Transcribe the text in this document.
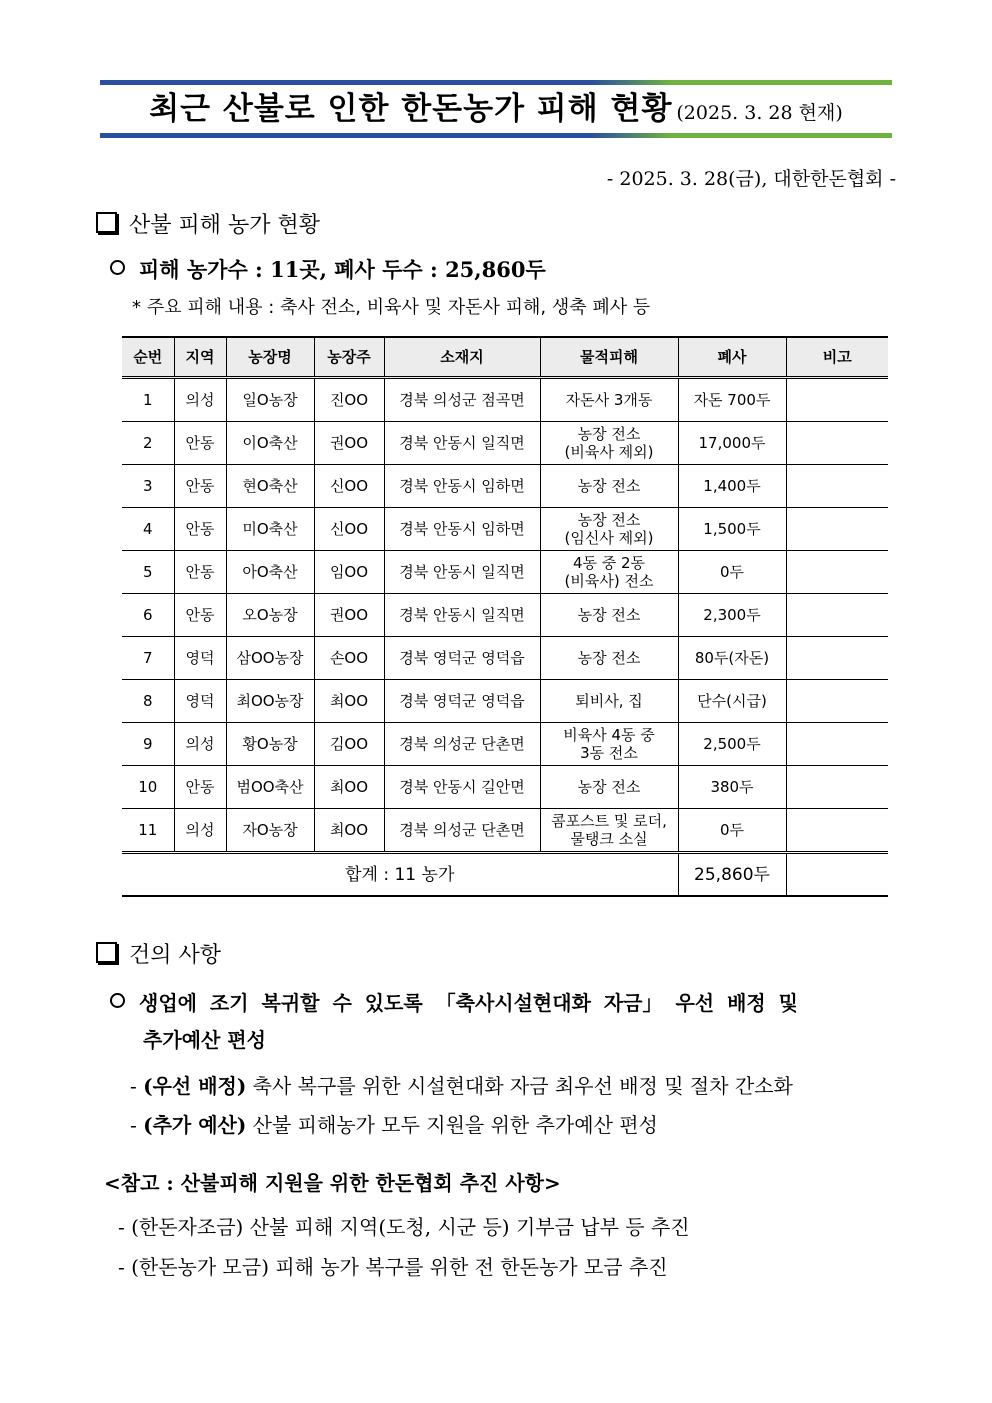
최근 산불로 인한 한돈농가 피해 현황 (2025. 3. 28 현재)
- 2025. 3. 28(금), 대한한돈협회 -
산불 피해 농가 현황
피해 농가수 : 11곳, 폐사 두수 : 25,860두
* 주요 피해 내용 : 축사 전소, 비육사 및 자돈사 피해, 생축 폐사 등
순번	지역	농장명	농장주	소재지	물적피해	폐사	비고
1	의성	일O농장	진OO	경북 의성군 점곡면	자돈사 3개동	자돈 700두	
2	안동	이O축산	권OO	경북 안동시 일직면	농장 전소
(비육사 제외)	17,000두	
3	안동	현O축산	신OO	경북 안동시 임하면	농장 전소	1,400두	
4	안동	미O축산	신OO	경북 안동시 임하면	농장 전소
(임신사 제외)	1,500두	
5	안동	아O축산	임OO	경북 안동시 일직면	4동 중 2동
(비육사) 전소	0두	
6	안동	오O농장	권OO	경북 안동시 일직면	농장 전소	2,300두	
7	영덕	삼OO농장	손OO	경북 영덕군 영덕읍	농장 전소	80두(자돈)	
8	영덕	최OO농장	최OO	경북 영덕군 영덕읍	퇴비사, 집	단수(시급)	
9	의성	황O농장	김OO	경북 의성군 단촌면	비육사 4동 중
3동 전소	2,500두	
10	안동	범OO축산	최OO	경북 안동시 길안면	농장 전소	380두	
11	의성	자O농장	최OO	경북 의성군 단촌면	콤포스트 및 로더,
물탱크 소실	0두	
합계 : 11 농가						25,860두	
건의 사항
생업에 조기 복귀할 수 있도록 「축사시설현대화 자금」 우선 배정 및
추가예산 편성
- (우선 배정) 축사 복구를 위한 시설현대화 자금 최우선 배정 및 절차 간소화
- (추가 예산) 산불 피해농가 모두 지원을 위한 추가예산 편성
<참고 : 산불피해 지원을 위한 한돈협회 추진 사항>
- (한돈자조금) 산불 피해 지역(도청, 시군 등) 기부금 납부 등 추진
- (한돈농가 모금) 피해 농가 복구를 위한 전 한돈농가 모금 추진
